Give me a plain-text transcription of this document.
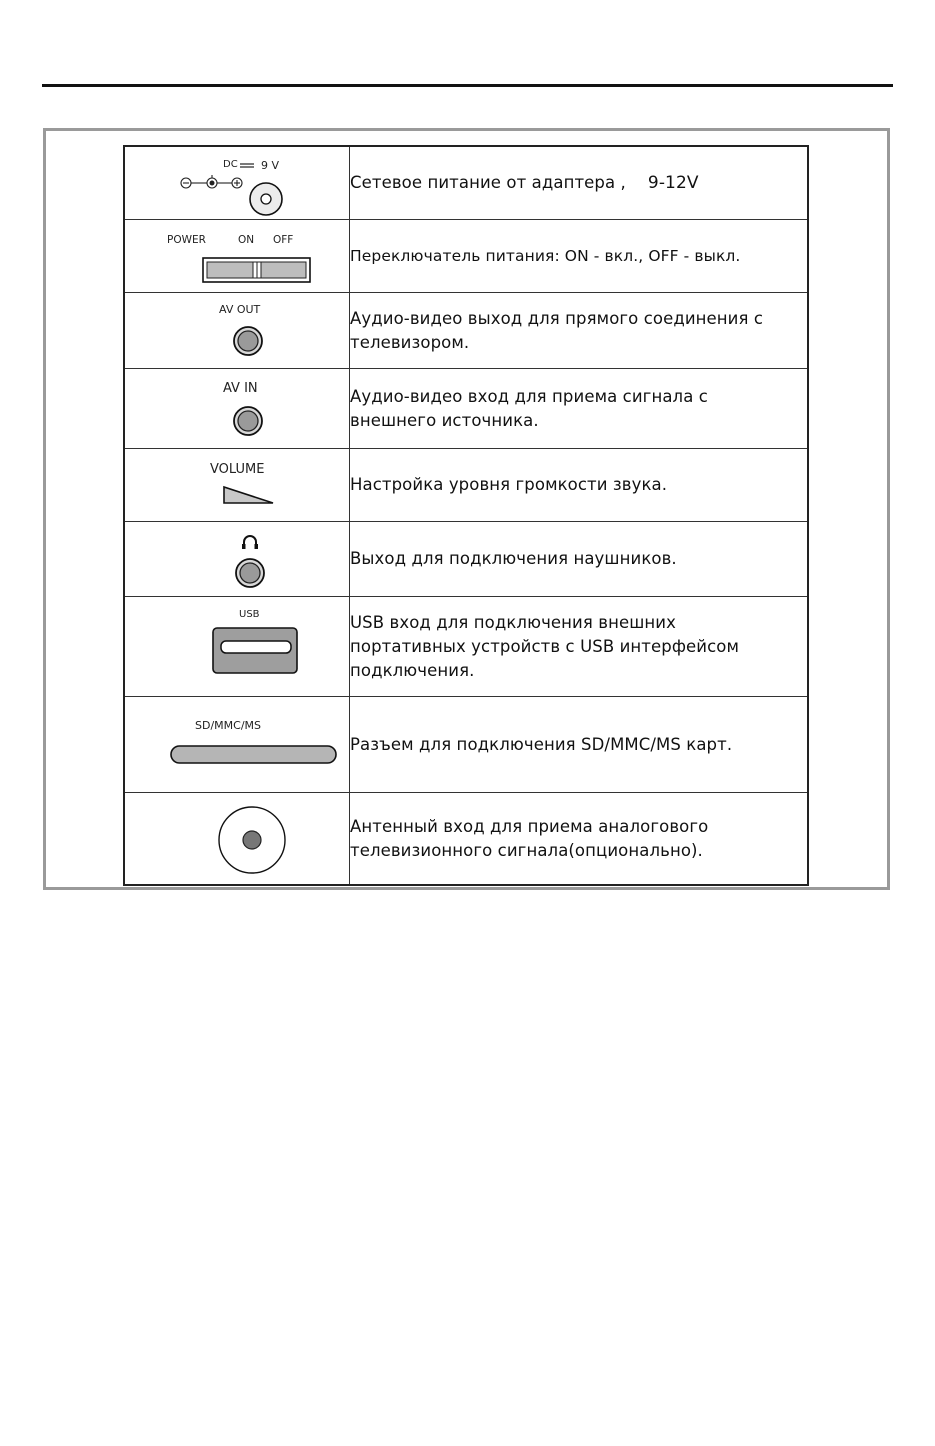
DC 9 V	Сетевое питание от адаптера , 9-12V

POWER ON OFF	Переключатель питания: ON - вкл., OFF - выкл.

AV OUT	Аудио-видео выход для прямого соединения с телевизором.

AV IN	Аудио-видео вход для приема сигнала с внешнего источника.

VOLUME	Настройка уровня громкости звука.

Выход для подключения наушников.

USB	USB вход для подключения внешних портативных устройств с USB интерфейсом подключения.

SD/MMC/MS	Разъем для подключения SD/MMC/MS карт.

Антенный вход для приема аналогового телевизионного сигнала(опционально).
